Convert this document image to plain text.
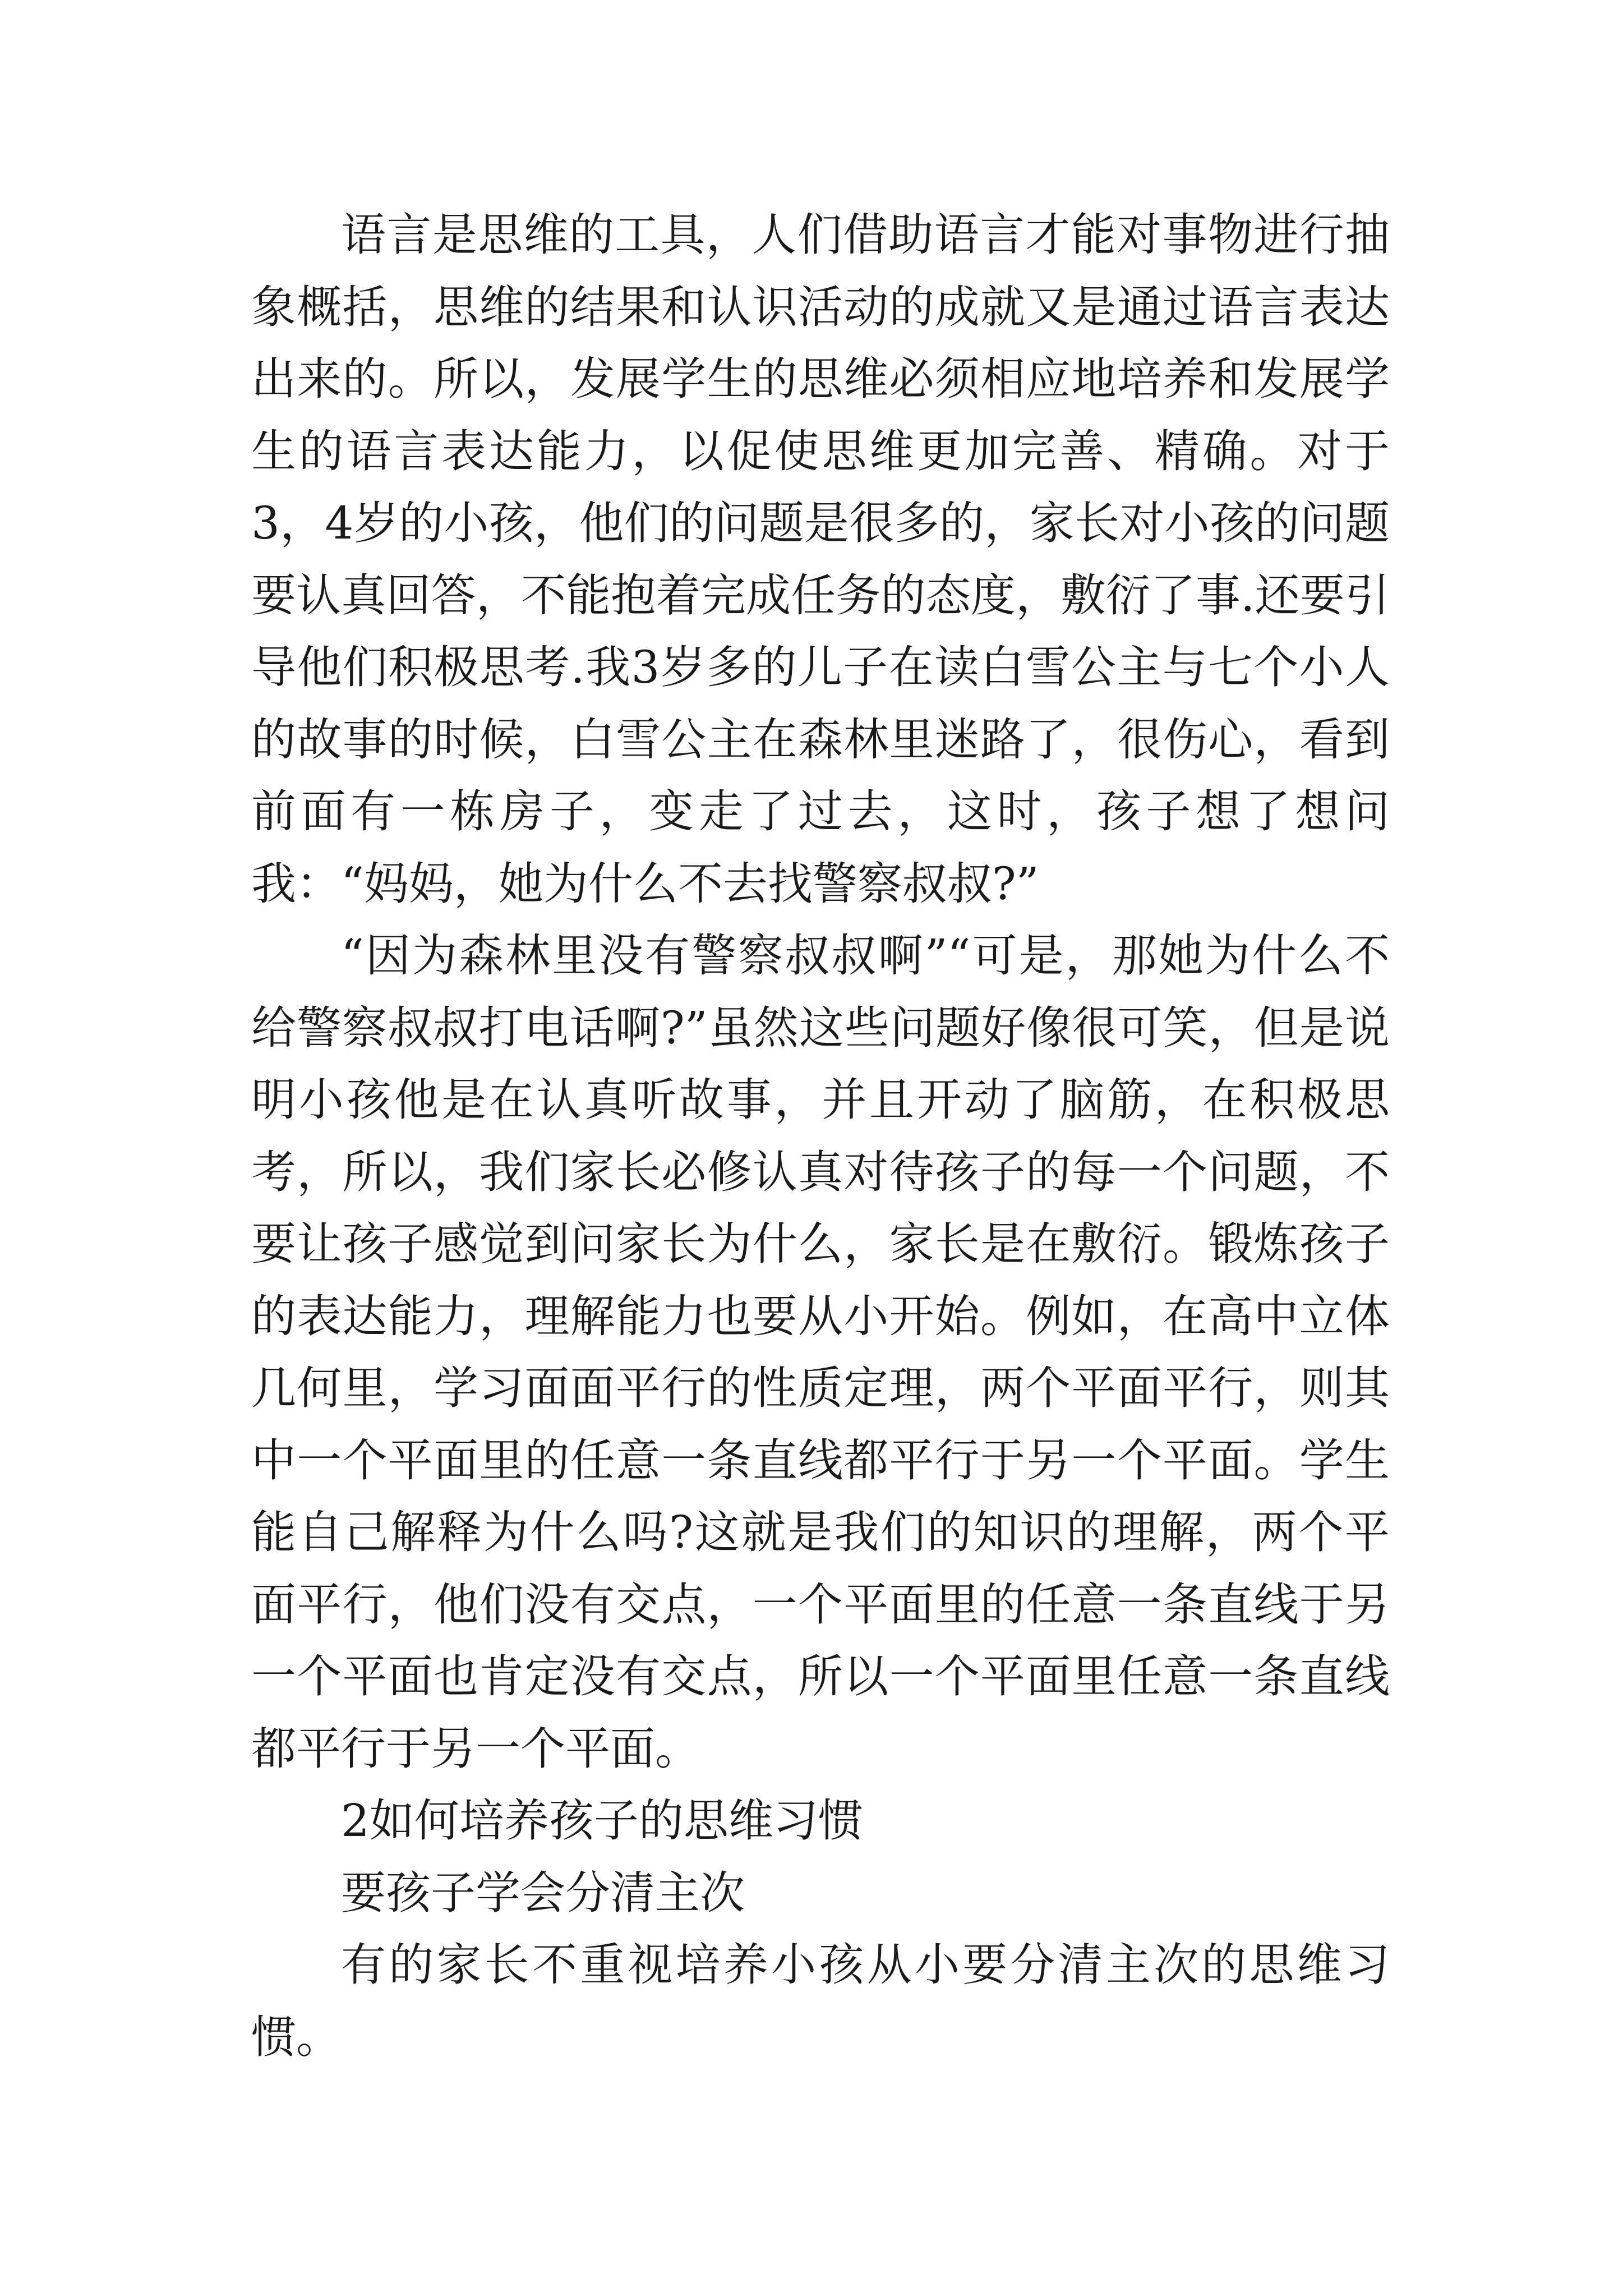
语言是思维的工具，人们借助语言才能对事物进行抽象概括，思维的结果和认识活动的成就又是通过语言表达出来的。所以，发展学生的思维必须相应地培养和发展学生的语言表达能力，以促使思维更加完善、精确。对于3，4岁的小孩，他们的问题是很多的，家长对小孩的问题要认真回答，不能抱着完成任务的态度，敷衍了事.还要引导他们积极思考.我3岁多的儿子在读白雪公主与七个小人的故事的时候，白雪公主在森林里迷路了，很伤心，看到前面有一栋房子，变走了过去，这时，孩子想了想问我：“妈妈，她为什么不去找警察叔叔?”

“因为森林里没有警察叔叔啊”“可是，那她为什么不给警察叔叔打电话啊?”虽然这些问题好像很可笑，但是说明小孩他是在认真听故事，并且开动了脑筋，在积极思考，所以，我们家长必修认真对待孩子的每一个问题，不要让孩子感觉到问家长为什么，家长是在敷衍。锻炼孩子的表达能力，理解能力也要从小开始。例如，在高中立体几何里，学习面面平行的性质定理，两个平面平行，则其中一个平面里的任意一条直线都平行于另一个平面。学生能自己解释为什么吗?这就是我们的知识的理解，两个平面平行，他们没有交点，一个平面里的任意一条直线于另一个平面也肯定没有交点，所以一个平面里任意一条直线都平行于另一个平面。

2如何培养孩子的思维习惯

要孩子学会分清主次

有的家长不重视培养小孩从小要分清主次的思维习惯。
